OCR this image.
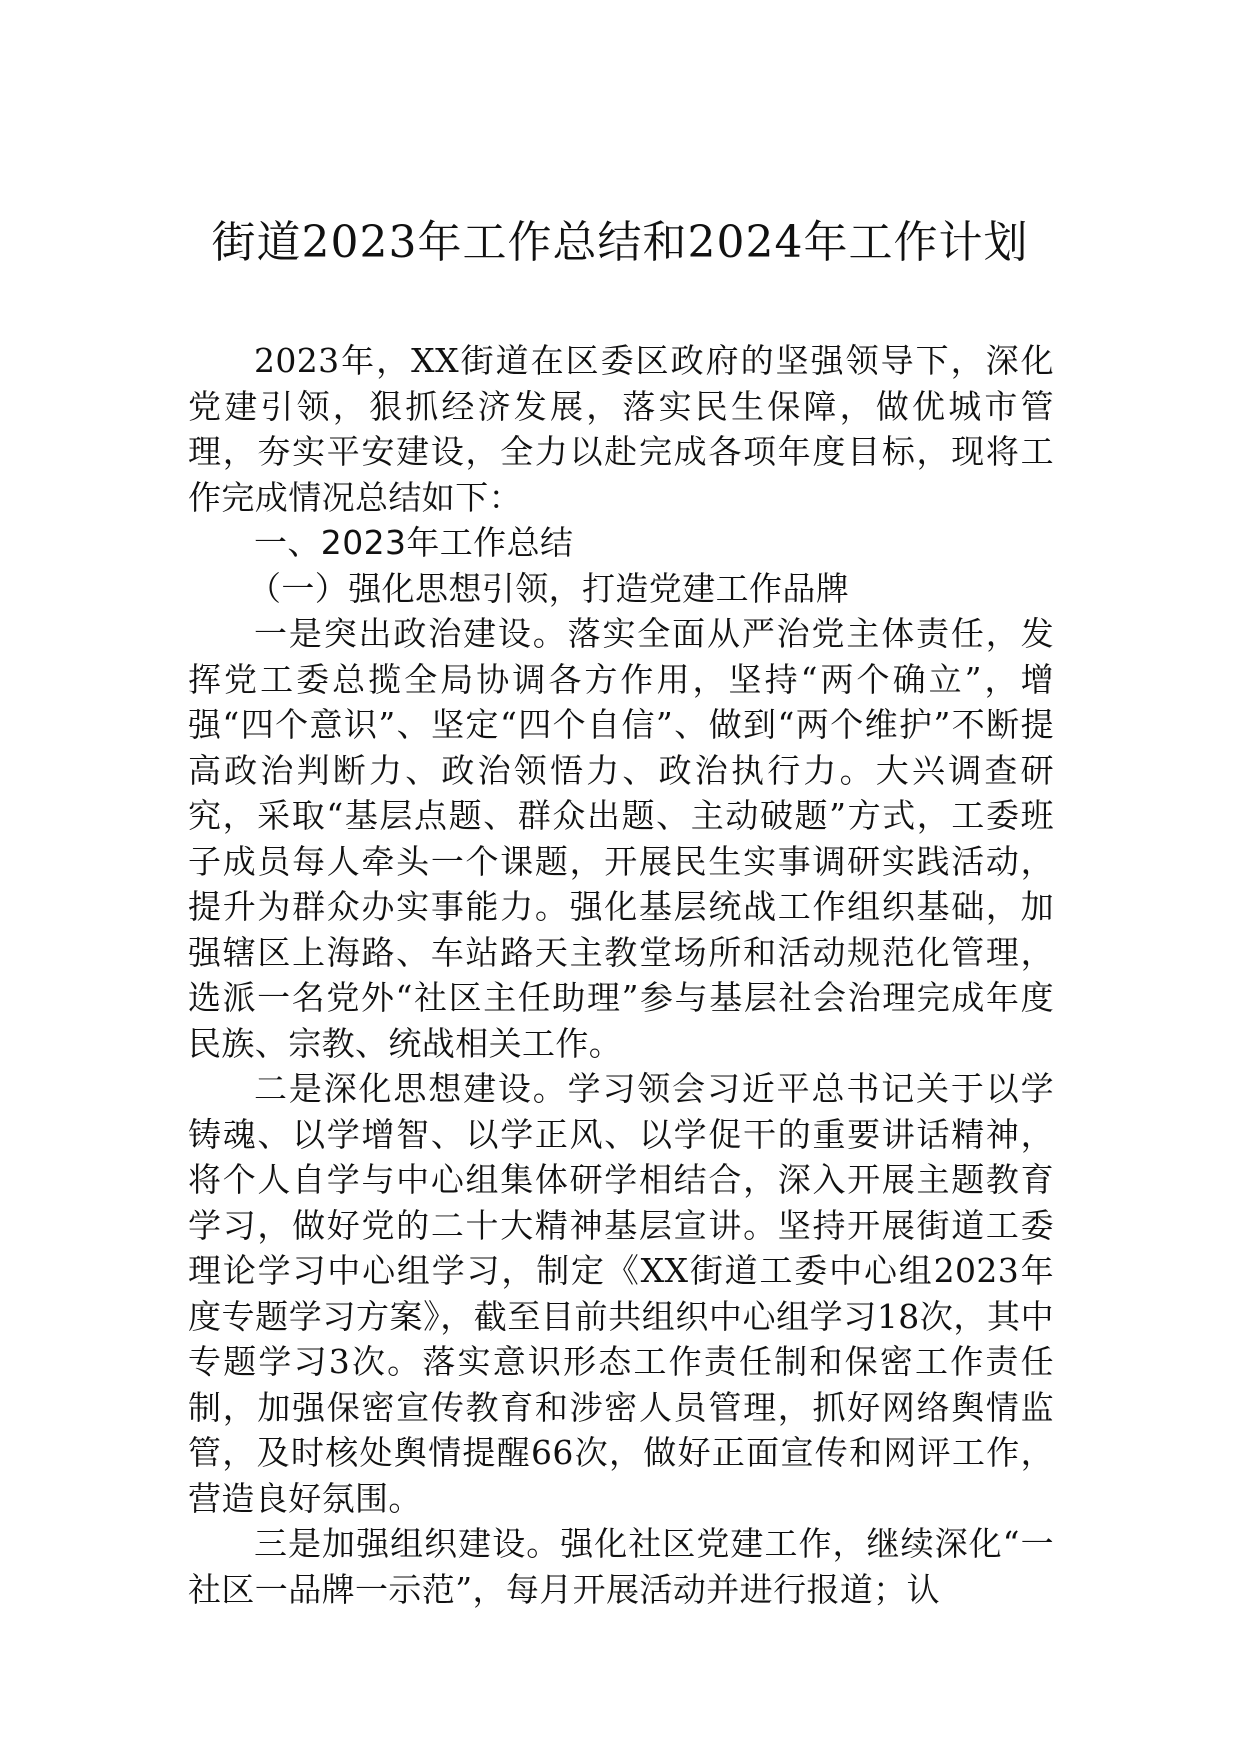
街道2023年工作总结和2024年工作计划

2023年，XX街道在区委区政府的坚强领导下，深化党建引领，狠抓经济发展，落实民生保障，做优城市管理，夯实平安建设，全力以赴完成各项年度目标，现将工作完成情况总结如下：

一、2023年工作总结

（一）强化思想引领，打造党建工作品牌

一是突出政治建设。落实全面从严治党主体责任，发挥党工委总揽全局协调各方作用，坚持“两个确立”，增强“四个意识”、坚定“四个自信”、做到“两个维护”不断提高政治判断力、政治领悟力、政治执行力。大兴调查研究，采取“基层点题、群众出题、主动破题”方式，工委班子成员每人牵头一个课题，开展民生实事调研实践活动，提升为群众办实事能力。强化基层统战工作组织基础，加强辖区上海路、车站路天主教堂场所和活动规范化管理，选派一名党外“社区主任助理”参与基层社会治理完成年度民族、宗教、统战相关工作。

二是深化思想建设。学习领会习近平总书记关于以学铸魂、以学增智、以学正风、以学促干的重要讲话精神，将个人自学与中心组集体研学相结合，深入开展主题教育学习，做好党的二十大精神基层宣讲。坚持开展街道工委理论学习中心组学习，制定《XX街道工委中心组2023年度专题学习方案》，截至目前共组织中心组学习18次，其中专题学习3次。落实意识形态工作责任制和保密工作责任制，加强保密宣传教育和涉密人员管理，抓好网络舆情监管，及时核处舆情提醒66次，做好正面宣传和网评工作，营造良好氛围。

三是加强组织建设。强化社区党建工作，继续深化“一社区一品牌一示范”，每月开展活动并进行报道；认
